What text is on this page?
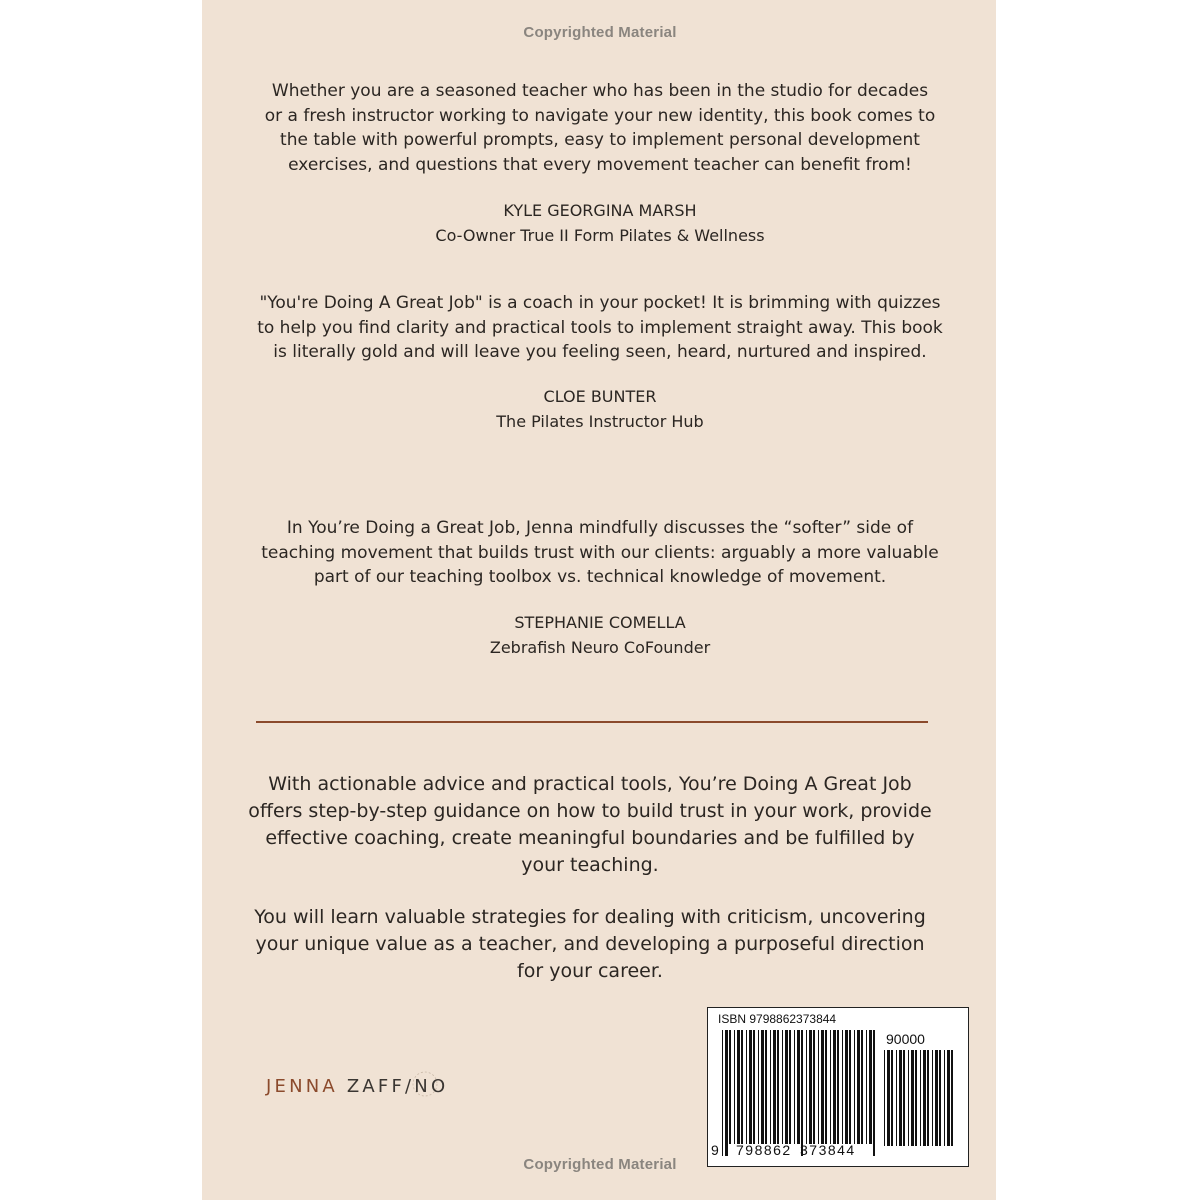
Copyrighted Material
Whether you are a seasoned teacher who has been in the studio for decades
or a fresh instructor working to navigate your new identity, this book comes to
the table with powerful prompts, easy to implement personal development
exercises, and questions that every movement teacher can benefit from!
KYLE GEORGINA MARSH
Co-Owner True II Form Pilates & Wellness
"You're Doing A Great Job" is a coach in your pocket! It is brimming with quizzes
to help you find clarity and practical tools to implement straight away. This book
is literally gold and will leave you feeling seen, heard, nurtured and inspired.
CLOE BUNTER
The Pilates Instructor Hub
In You’re Doing a Great Job, Jenna mindfully discusses the “softer” side of
teaching movement that builds trust with our clients: arguably a more valuable
part of our teaching toolbox vs. technical knowledge of movement.
STEPHANIE COMELLA
Zebrafish Neuro CoFounder
With actionable advice and practical tools, You’re Doing A Great Job
offers step-by-step guidance on how to build trust in your work, provide
effective coaching, create meaningful boundaries and be fulfilled by
your teaching.
You will learn valuable strategies for dealing with criticism, uncovering
your unique value as a teacher, and developing a purposeful direction
for your career.
JENNA ZAFF/NO
ISBN 9798862373844
90000
9 798862 373844
Copyrighted Material
